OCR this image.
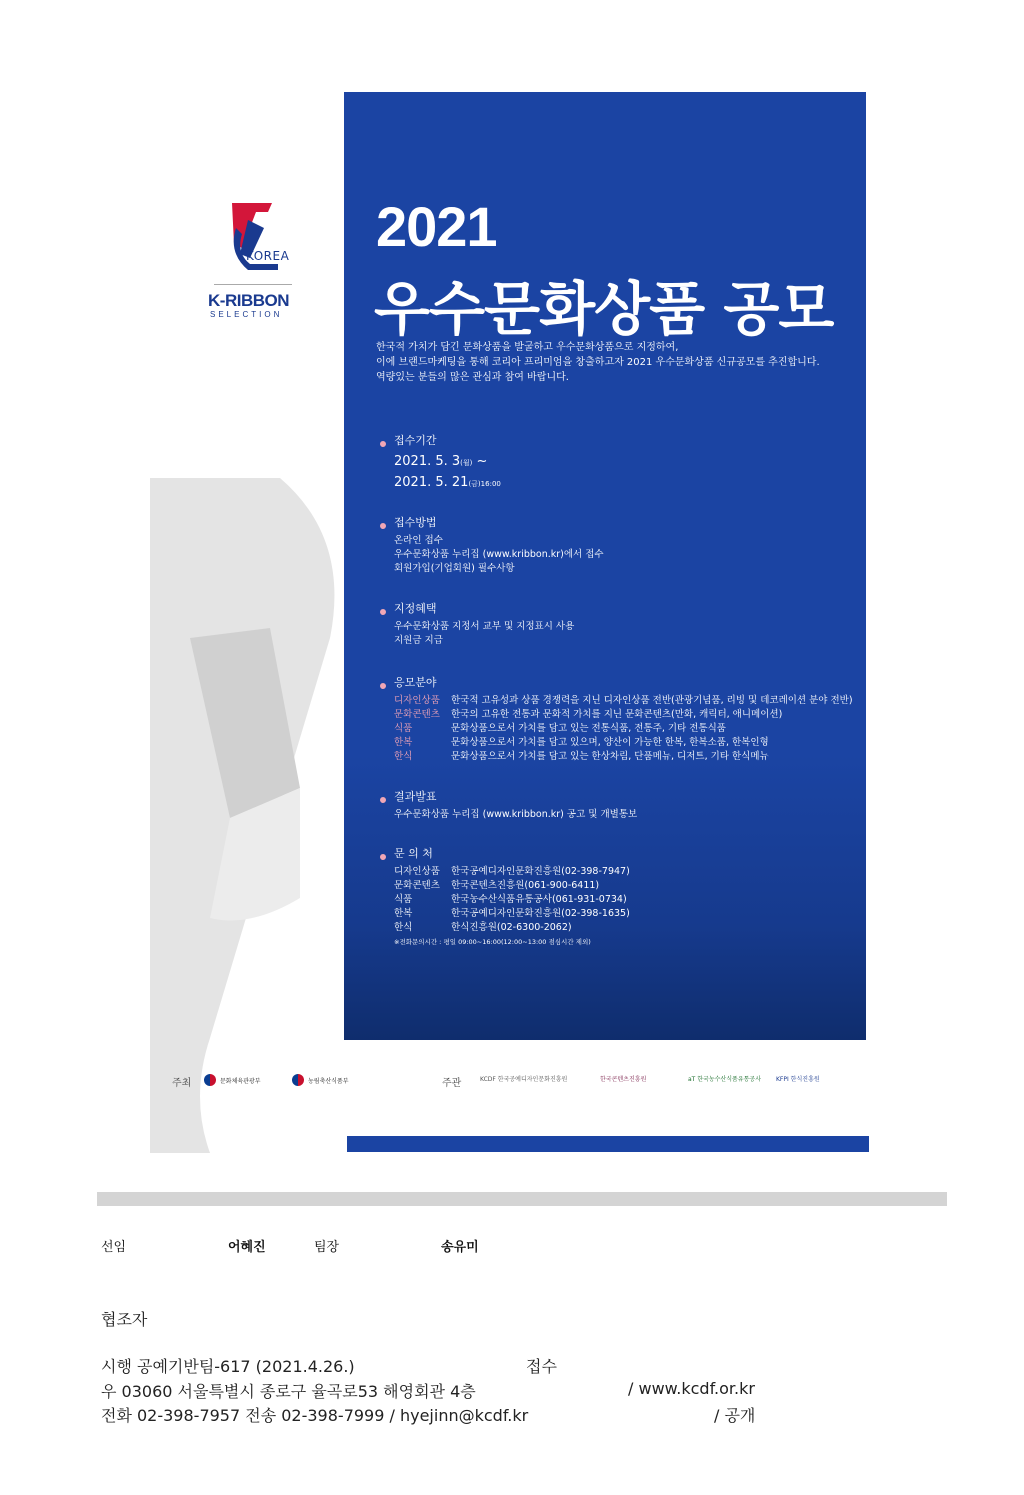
KOREA
K-RIBBON
SELECTION
2021
우수문화상품 공모
한국적 가치가 담긴 문화상품을 발굴하고 우수문화상품으로 지정하여,
이에 브랜드마케팅을 통해 코리아 프리미엄을 창출하고자 2021 우수문화상품 신규공모를 추진합니다.
역량있는 분들의 많은 관심과 참여 바랍니다.
접수기간
2021. 5. 3(월) ~
2021. 5. 21(금)16:00
접수방법
온라인 접수
우수문화상품 누리집 (www.kribbon.kr)에서 접수
회원가입(기업회원) 필수사항
지정혜택
우수문화상품 지정서 교부 및 지정표시 사용
지원금 지급
응모분야
디자인상품	한국적 고유성과 상품 경쟁력을 지닌 디자인상품 전반(관광기념품, 리빙 및 데코레이션 분야 전반)
문화콘텐츠	한국의 고유한 전통과 문화적 가치를 지닌 문화콘텐츠(만화, 캐릭터, 애니메이션)
식품	문화상품으로서 가치를 담고 있는 전통식품, 전통주, 기타 전통식품
한복	문화상품으로서 가치를 담고 있으며, 양산이 가능한 한복, 한복소품, 한복인형
한식	문화상품으로서 가치를 담고 있는 한상차림, 단품메뉴, 디저트, 기타 한식메뉴
결과발표
우수문화상품 누리집 (www.kribbon.kr) 공고 및 개별통보
문 의 처
디자인상품	한국공예디자인문화진흥원(02-398-7947)
문화콘텐츠	한국콘텐츠진흥원(061-900-6411)
식품	한국농수산식품유통공사(061-931-0734)
한복	한국공예디자인문화진흥원(02-398-1635)
한식	한식진흥원(02-6300-2062)
※전화문의시간 : 평일 09:00~16:00(12:00~13:00 점심시간 제외)
주최	문화체육관광부	농림축산식품부	주관	KCDF 한국공예디자인문화진흥원	한국콘텐츠진흥원	aT 한국농수산식품유통공사 KFPI 한식진흥원
선임	어혜진	팀장	송유미
협조자
시행 공예기반팀-617 (2021.4.26.)	접수
우 03060 서울특별시 종로구 율곡로53 해영회관 4층	/ www.kcdf.or.kr
전화 02-398-7957 전송 02-398-7999 / hyejinn@kcdf.kr	/ 공개
